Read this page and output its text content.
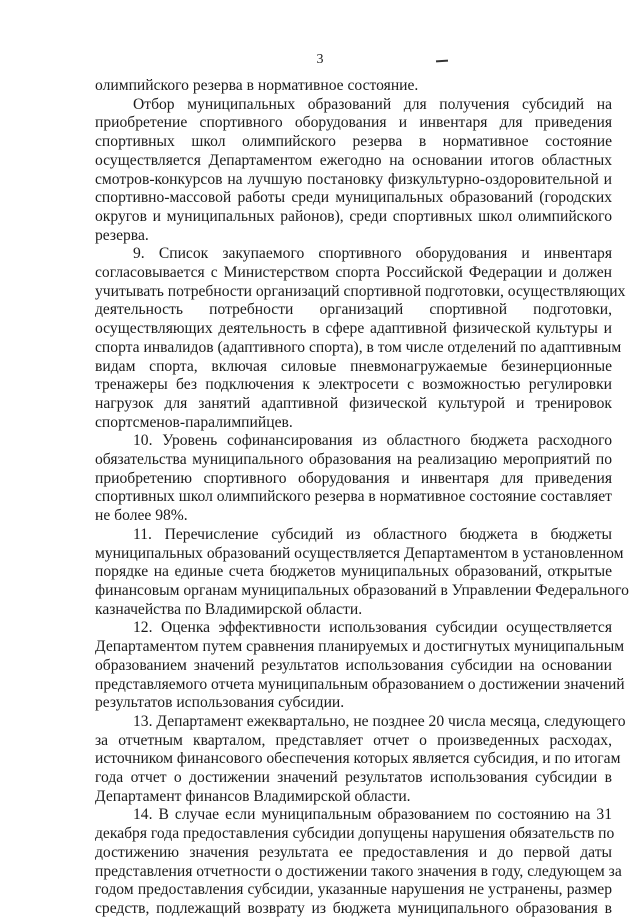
3
олимпийского резерва в нормативное состояние.
Отбор муниципальных образований для получения субсидий на
приобретение спортивного оборудования и инвентаря для приведения
спортивных школ олимпийского резерва в нормативное состояние
осуществляется Департаментом ежегодно на основании итогов областных
смотров-конкурсов на лучшую постановку физкультурно-оздоровительной и
спортивно-массовой работы среди муниципальных образований (городских
округов и муниципальных районов), среди спортивных школ олимпийского
резерва.
9. Список закупаемого спортивного оборудования и инвентаря
согласовывается с Министерством спорта Российской Федерации и должен
учитывать потребности организаций спортивной подготовки, осуществляющих
деятельность потребности организаций спортивной подготовки,
осуществляющих деятельность в сфере адаптивной физической культуры и
спорта инвалидов (адаптивного спорта), в том числе отделений по адаптивным
видам спорта, включая силовые пневмонагружаемые безинерционные
тренажеры без подключения к электросети с возможностью регулировки
нагрузок для занятий адаптивной физической культурой и тренировок
спортсменов-паралимпийцев.
10. Уровень софинансирования из областного бюджета расходного
обязательства муниципального образования на реализацию мероприятий по
приобретению спортивного оборудования и инвентаря для приведения
спортивных школ олимпийского резерва в нормативное состояние составляет
не более 98%.
11. Перечисление субсидий из областного бюджета в бюджеты
муниципальных образований осуществляется Департаментом в установленном
порядке на единые счета бюджетов муниципальных образований, открытые
финансовым органам муниципальных образований в Управлении Федерального
казначейства по Владимирской области.
12. Оценка эффективности использования субсидии осуществляется
Департаментом путем сравнения планируемых и достигнутых муниципальным
образованием значений результатов использования субсидии на основании
представляемого отчета муниципальным образованием о достижении значений
результатов использования субсидии.
13. Департамент ежеквартально, не позднее 20 числа месяца, следующего
за отчетным кварталом, представляет отчет о произведенных расходах,
источником финансового обеспечения которых является субсидия, и по итогам
года отчет о достижении значений результатов использования субсидии в
Департамент финансов Владимирской области.
14. В случае если муниципальным образованием по состоянию на 31
декабря года предоставления субсидии допущены нарушения обязательств по
достижению значения результата ее предоставления и до первой даты
представления отчетности о достижении такого значения в году, следующем за
годом предоставления субсидии, указанные нарушения не устранены, размер
средств, подлежащий возврату из бюджета муниципального образования в
